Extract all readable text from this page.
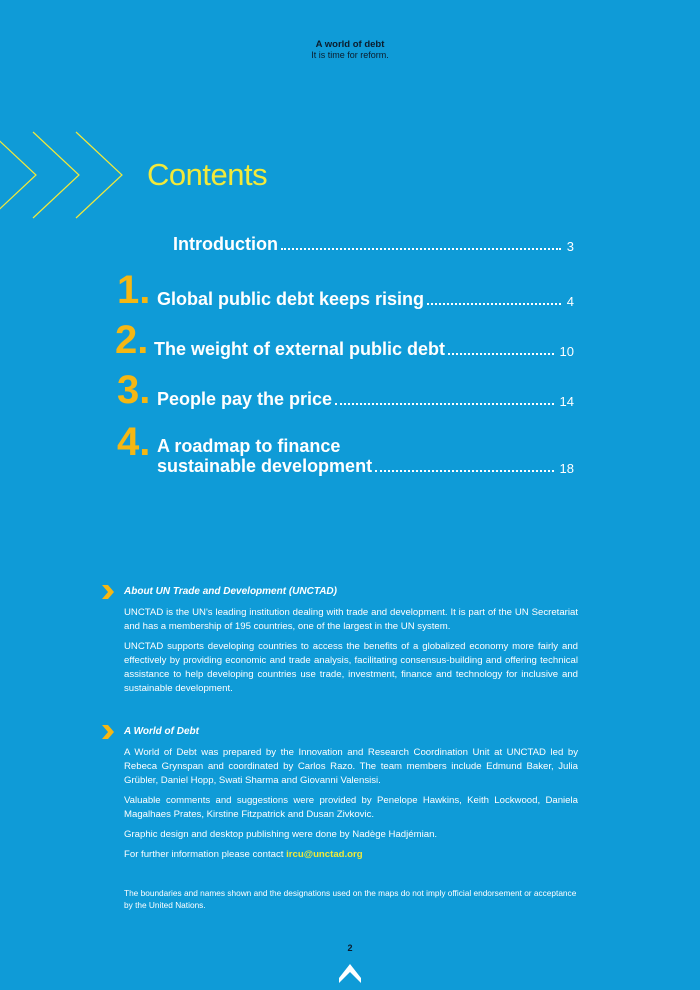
A world of debt
It is time for reform.
Contents
Introduction	3
1. Global public debt keeps rising	4
2. The weight of external public debt	10
3. People pay the price	14
4. A roadmap to finance
sustainable development	18
About UN Trade and Development (UNCTAD)

UNCTAD is the UN's leading institution dealing with trade and development. It is part of the UN Secretariat and has a membership of 195 countries, one of the largest in the UN system.

UNCTAD supports developing countries to access the benefits of a globalized economy more fairly and effectively by providing economic and trade analysis, facilitating consensus-building and offering technical assistance to help developing countries use trade, investment, finance and technology for inclusive and sustainable development.

A World of Debt

A World of Debt was prepared by the Innovation and Research Coordination Unit at UNCTAD led by Rebeca Grynspan and coordinated by Carlos Razo. The team members include Edmund Baker, Julia Grübler, Daniel Hopp, Swati Sharma and Giovanni Valensisi.

Valuable comments and suggestions were provided by Penelope Hawkins, Keith Lockwood, Daniela Magalhaes Prates, Kirstine Fitzpatrick and Dusan Zivkovic.

Graphic design and desktop publishing were done by Nadège Hadjémian.

For further information please contact ircu@unctad.org

The boundaries and names shown and the designations used on the maps do not imply official endorsement or acceptance by the United Nations.
2
